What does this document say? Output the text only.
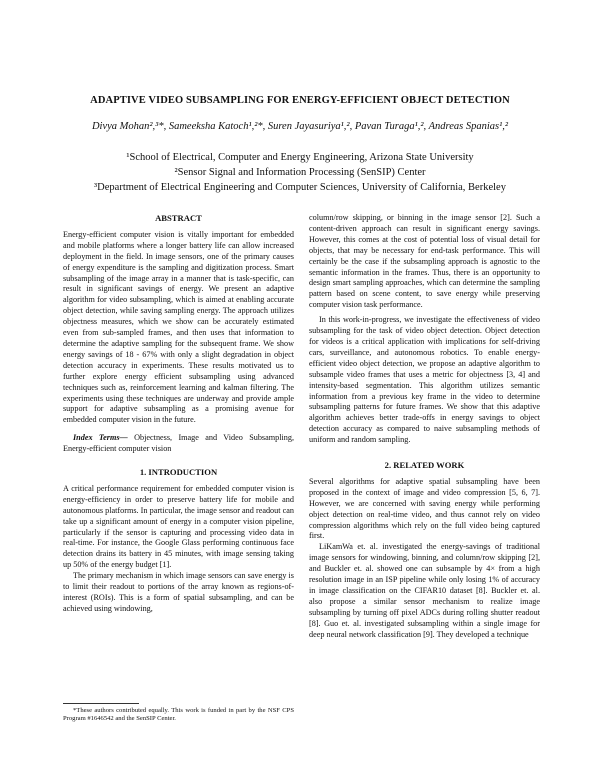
ADAPTIVE VIDEO SUBSAMPLING FOR ENERGY-EFFICIENT OBJECT DETECTION
Divya Mohan²,³*, Sameeksha Katoch¹,²*, Suren Jayasuriya¹,², Pavan Turaga¹,², Andreas Spanias¹,²
¹School of Electrical, Computer and Energy Engineering, Arizona State University
²Sensor Signal and Information Processing (SenSIP) Center
³Department of Electrical Engineering and Computer Sciences, University of California, Berkeley
ABSTRACT

Energy-efficient computer vision is vitally important for embedded and mobile platforms where a longer battery life can allow increased deployment in the field. In image sensors, one of the primary causes of energy expenditure is the sampling and digitization process. Smart subsampling of the image array in a manner that is task-specific, can result in significant savings of energy. We present an adaptive algorithm for video subsampling, which is aimed at enabling accurate object detection, while saving sampling energy. The approach utilizes objectness measures, which we show can be accurately estimated even from sub-sampled frames, and then uses that information to determine the adaptive sampling for the subsequent frame. We show energy savings of 18 - 67% with only a slight degradation in object detection accuracy in experiments. These results motivated us to further explore energy efficient subsampling using advanced techniques such as, reinforcement learning and kalman filtering. The experiments using these techniques are underway and provide ample support for adaptive subsampling as a promising avenue for embedded computer vision in the future.

Index Terms— Objectness, Image and Video Subsampling, Energy-efficient computer vision

1. INTRODUCTION

A critical performance requirement for embedded computer vision is energy-efficiency in order to preserve battery life for mobile and autonomous platforms. In particular, the image sensor and readout can take up a significant amount of energy in a computer vision pipeline, particularly if the sensor is capturing and processing video data in real-time. For instance, the Google Glass performing continuous face detection drains its battery in 45 minutes, with image sensing taking up 50% of the energy budget [1].

The primary mechanism in which image sensors can save energy is to limit their readout to portions of the array known as regions-of-interest (ROIs). This is a form of spatial subsampling, and can be achieved using windowing,

*These authors contributed equally. This work is funded in part by the NSF CPS Program #1646542 and the SenSIP Center.

column/row skipping, or binning in the image sensor [2]. Such a content-driven approach can result in significant energy savings. However, this comes at the cost of potential loss of visual detail for objects, that may be necessary for end-task performance. This will certainly be the case if the subsampling approach is agnostic to the semantic information in the frames. Thus, there is an opportunity to design smart sampling approaches, which can determine the sampling pattern based on scene content, to save energy while preserving computer vision task performance.

In this work-in-progress, we investigate the effectiveness of video subsampling for the task of video object detection. Object detection for videos is a critical application with implications for self-driving cars, surveillance, and autonomous robotics. To enable energy-efficient video object detection, we propose an adaptive algorithm to subsample video frames that uses a metric for objectness [3, 4] and intensity-based segmentation. This algorithm utilizes semantic information from a previous key frame in the video to determine subsampling patterns for future frames. We show that this adaptive algorithm achieves better trade-offs in energy savings to object detection accuracy as compared to naive subsampling methods of uniform and random sampling.

2. RELATED WORK

Several algorithms for adaptive spatial subsampling have been proposed in the context of image and video compression [5, 6, 7]. However, we are concerned with saving energy while performing object detection on real-time video, and thus cannot rely on video compression algorithms which rely on the full video being captured first.

LiKamWa et. al. investigated the energy-savings of traditional image sensors for windowing, binning, and column/row skipping [2], and Buckler et. al. showed one can subsample by 4× from a high resolution image in an ISP pipeline while only losing 1% of accuracy in image classification on the CIFAR10 dataset [8]. Buckler et. al. also propose a similar sensor mechanism to realize image subsampling by turning off pixel ADCs during rolling shutter readout [8]. Guo et. al. investigated subsampling within a single image for deep neural network classification [9]. They developed a technique
